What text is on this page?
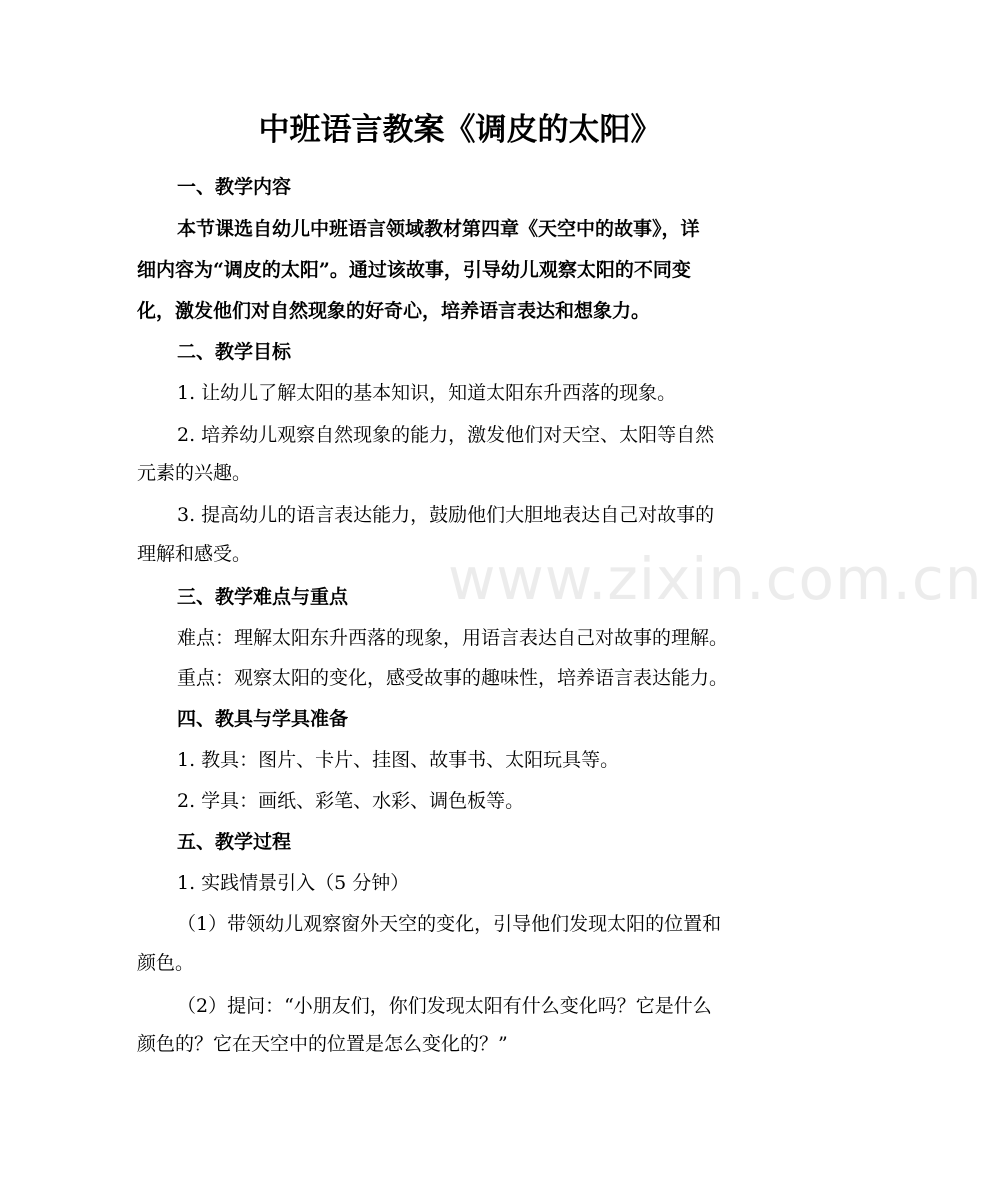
www.zixin.com.cn
中班语言教案《调皮的太阳》
一、教学内容
本节课选自幼儿中班语言领域教材第四章《天空中的故事》，详
细内容为“调皮的太阳”。通过该故事，引导幼儿观察太阳的不同变
化，激发他们对自然现象的好奇心，培养语言表达和想象力。
二、教学目标
1. 让幼儿了解太阳的基本知识，知道太阳东升西落的现象。
2. 培养幼儿观察自然现象的能力，激发他们对天空、太阳等自然
元素的兴趣。
3. 提高幼儿的语言表达能力，鼓励他们大胆地表达自己对故事的
理解和感受。
三、教学难点与重点
难点：理解太阳东升西落的现象，用语言表达自己对故事的理解。
重点：观察太阳的变化，感受故事的趣味性，培养语言表达能力。
四、教具与学具准备
1. 教具：图片、卡片、挂图、故事书、太阳玩具等。
2. 学具：画纸、彩笔、水彩、调色板等。
五、教学过程
1. 实践情景引入（5 分钟）
（1）带领幼儿观察窗外天空的变化，引导他们发现太阳的位置和
颜色。
（2）提问：“小朋友们，你们发现太阳有什么变化吗？它是什么
颜色的？它在天空中的位置是怎么变化的？”
